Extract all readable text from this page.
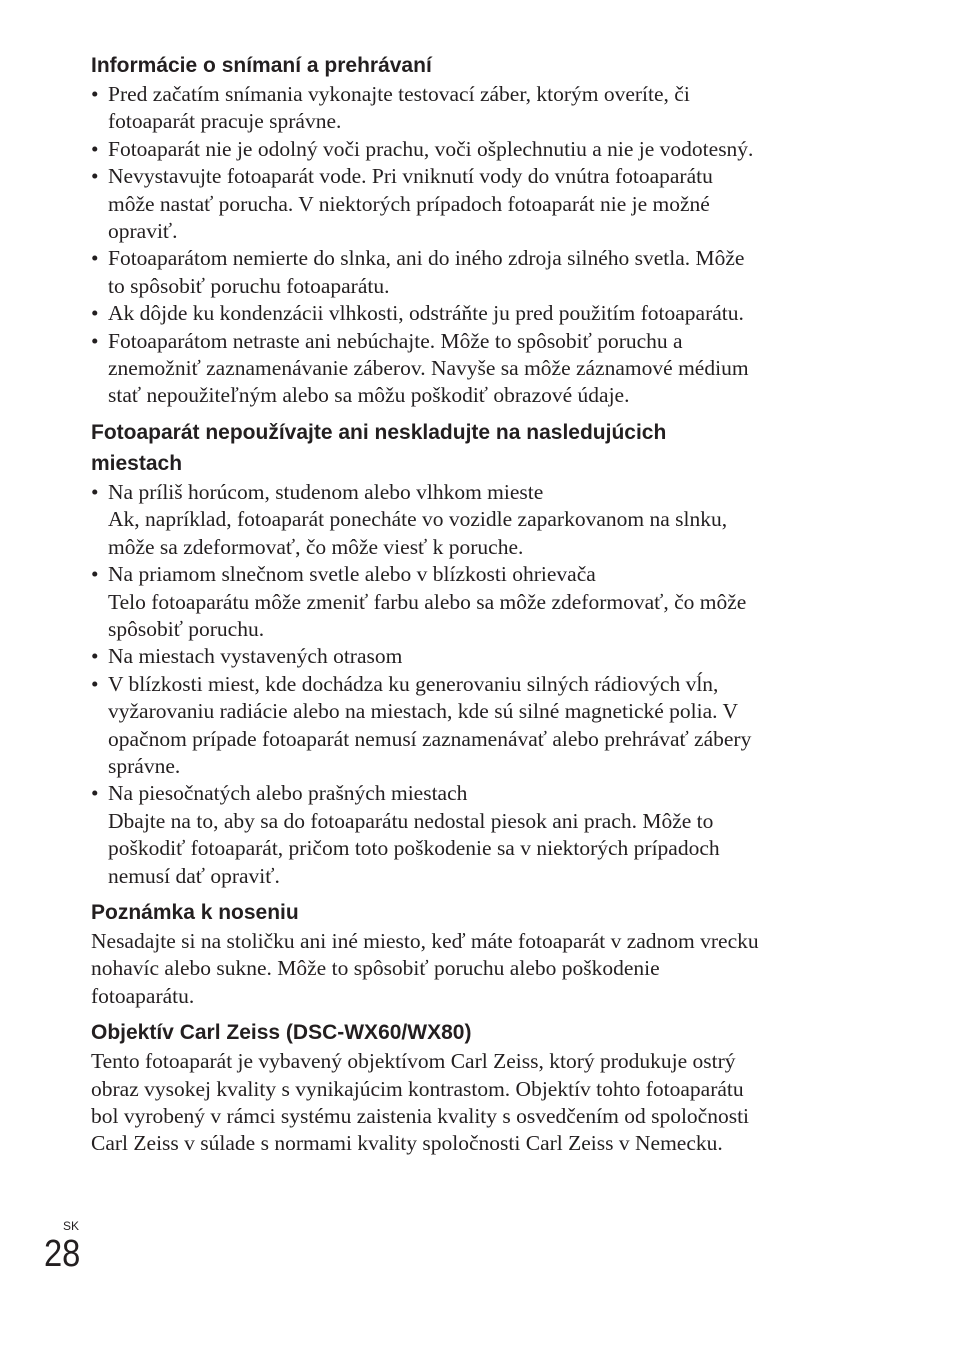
Informácie o snímaní a prehrávaní
• Pred začatím snímania vykonajte testovací záber, ktorým overíte, či
fotoaparát pracuje správne.
• Fotoaparát nie je odolný voči prachu, voči ošplechnutiu a nie je vodotesný.
• Nevystavujte fotoaparát vode. Pri vniknutí vody do vnútra fotoaparátu
môže nastať porucha. V niektorých prípadoch fotoaparát nie je možné
opraviť.
• Fotoaparátom nemierte do slnka, ani do iného zdroja silného svetla. Môže
to spôsobiť poruchu fotoaparátu.
• Ak dôjde ku kondenzácii vlhkosti, odstráňte ju pred použitím fotoaparátu.
• Fotoaparátom netraste ani nebúchajte. Môže to spôsobiť poruchu a
znemožniť zaznamenávanie záberov. Navyše sa môže záznamové médium
stať nepoužiteľným alebo sa môžu poškodiť obrazové údaje.
Fotoaparát nepoužívajte ani neskladujte na nasledujúcich
miestach
• Na príliš horúcom, studenom alebo vlhkom mieste
Ak, napríklad, fotoaparát ponecháte vo vozidle zaparkovanom na slnku,
môže sa zdeformovať, čo môže viesť k poruche.
• Na priamom slnečnom svetle alebo v blízkosti ohrievača
Telo fotoaparátu môže zmeniť farbu alebo sa môže zdeformovať, čo môže
spôsobiť poruchu.
• Na miestach vystavených otrasom
• V blízkosti miest, kde dochádza ku generovaniu silných rádiových vĺn,
vyžarovaniu radiácie alebo na miestach, kde sú silné magnetické polia. V
opačnom prípade fotoaparát nemusí zaznamenávať alebo prehrávať zábery
správne.
• Na piesočnatých alebo prašných miestach
Dbajte na to, aby sa do fotoaparátu nedostal piesok ani prach. Môže to
poškodiť fotoaparát, pričom toto poškodenie sa v niektorých prípadoch
nemusí dať opraviť.
Poznámka k noseniu
Nesadajte si na stoličku ani iné miesto, keď máte fotoaparát v zadnom vrecku
nohavíc alebo sukne. Môže to spôsobiť poruchu alebo poškodenie
fotoaparátu.
Objektív Carl Zeiss (DSC-WX60/WX80)
Tento fotoaparát je vybavený objektívom Carl Zeiss, ktorý produkuje ostrý
obraz vysokej kvality s vynikajúcim kontrastom. Objektív tohto fotoaparátu
bol vyrobený v rámci systému zaistenia kvality s osvedčením od spoločnosti
Carl Zeiss v súlade s normami kvality spoločnosti Carl Zeiss v Nemecku.
SK
28
